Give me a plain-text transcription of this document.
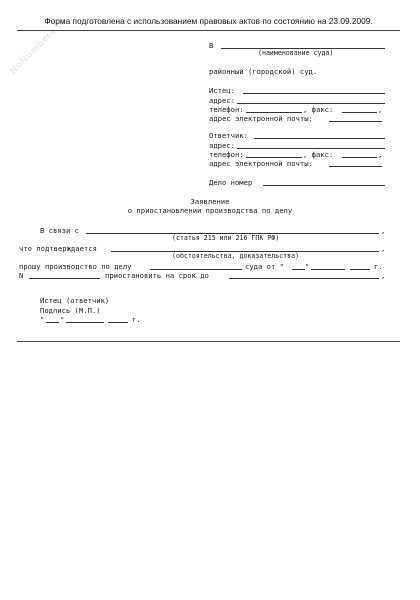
NoNumbers.ru
Форма подготовлена с использованием правовых актов по состоянию на 23.09.2009.
В
(наименование суда)
районный (городской) суд.
Истец:
адрес:
телефон:	, факс:	,
адрес электронной почты:
Ответчик:
адрес:
телефон:	, факс:	,
адрес электронной почты:
Дело номер
Заявление
о приостановлении производства по делу
В связи с	,
(статья 215 или 216 ГПК РФ)
что подтверждается	,
(обстоятельства, доказательства)
прошу производство по делу	суда от "	"	г.
N	приостановить на срок до	,
Истец (ответчик)
Подпись (М.П.)
" "	г.
